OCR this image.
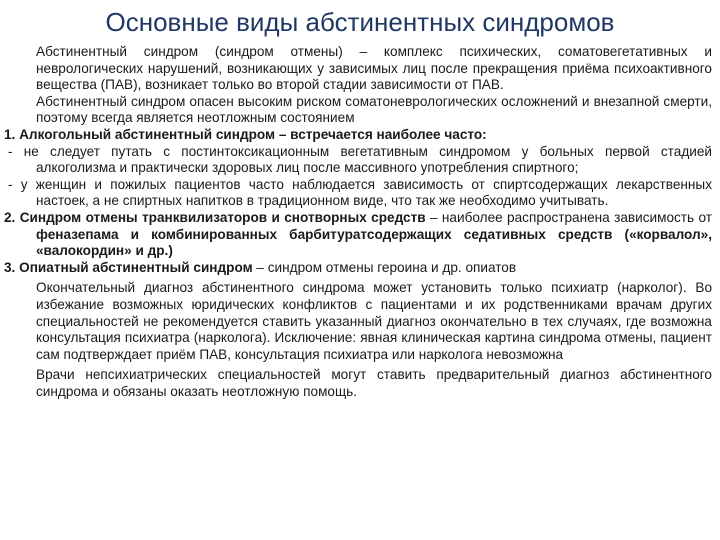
Основные виды абстинентных синдромов

Абстинентный синдром (синдром отмены) – комплекс психических, соматовегетативных и неврологических нарушений, возникающих у зависимых лиц после прекращения приёма психоактивного вещества (ПАВ), возникает только во второй стадии зависимости от ПАВ.

Абстинентный синдром опасен высоким риском соматоневрологических осложнений и внезапной смерти, поэтому всегда является неотложным состоянием

1. Алкогольный абстинентный синдром – встречается наиболее часто:

- не следует путать с постинтоксикационным вегетативным синдромом у больных первой стадией алкоголизма и практически здоровых лиц после массивного употребления спиртного;

- у женщин и пожилых пациентов часто наблюдается зависимость от спиртсодержащих лекарственных настоек, а не спиртных напитков в традиционном виде, что так же необходимо учитывать.

2. Синдром отмены транквилизаторов и снотворных средств – наиболее распространена зависимость от феназепама и комбинированных барбитуратсодержащих седативных средств («корвалол», «валокордин» и др.)

3. Опиатный абстинентный синдром – синдром отмены героина и др. опиатов

Окончательный диагноз абстинентного синдрома может установить только психиатр (нарколог). Во избежание возможных юридических конфликтов с пациентами и их родственниками врачам других специальностей не рекомендуется ставить указанный диагноз окончательно в тех случаях, где возможна консультация психиатра (нарколога). Исключение: явная клиническая картина синдрома отмены, пациент сам подтверждает приём ПАВ, консультация психиатра или нарколога невозможна

Врачи непсихиатрических специальностей могут ставить предварительный диагноз абстинентного синдрома и обязаны оказать неотложную помощь.
